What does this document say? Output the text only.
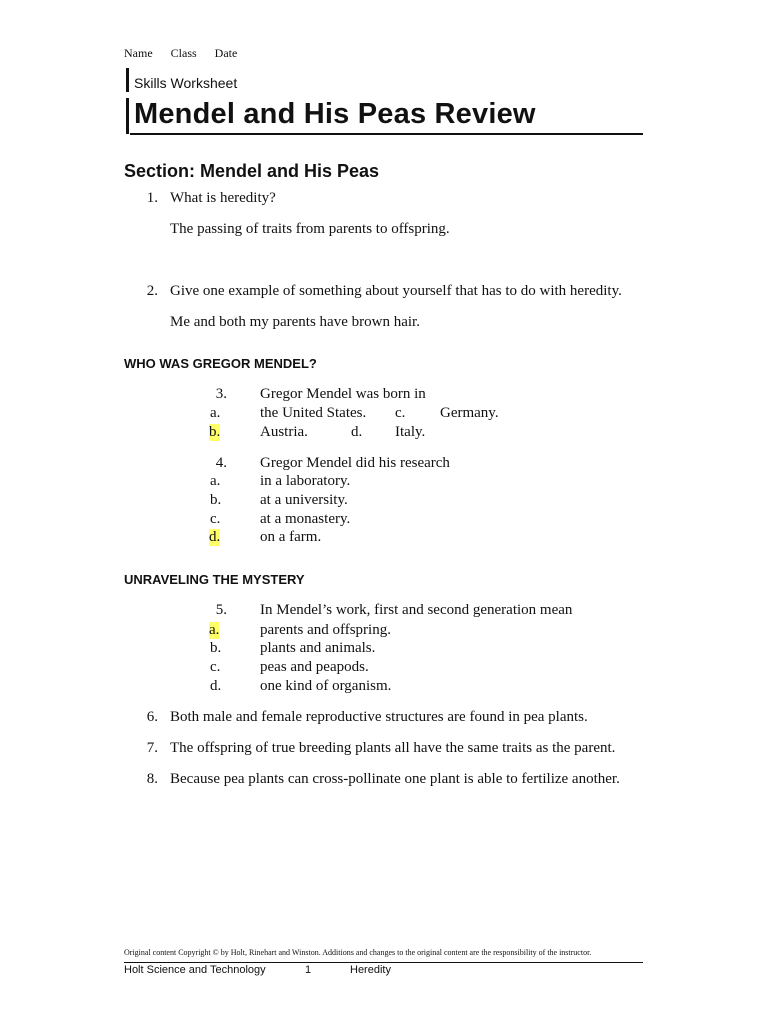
Name Class Date
Skills Worksheet
Mendel and His Peas Review
Section: Mendel and His Peas
1. What is heredity?
The passing of traits from parents to offspring.
2. Give one example of something about yourself that has to do with heredity.
Me and both my parents have brown hair.
WHO WAS GREGOR MENDEL?
3. Gregor Mendel was born in
a.	the United States. c. Germany.
b.	Austria.	d. Italy.
4. Gregor Mendel did his research
a.	in a laboratory.
b.	at a university.
c.	at a monastery.
d.	on a farm.
UNRAVELING THE MYSTERY
5. In Mendel’s work, first and second generation mean
a.	parents and offspring.
b.	plants and animals.
c.	peas and peapods.
d.	one kind of organism.
6. Both male and female reproductive structures are found in pea plants.
7. The offspring of true breeding plants all have the same traits as the parent.
8. Because pea plants can cross-pollinate one plant is able to fertilize another.
Original content Copyright © by Holt, Rinehart and Winston. Additions and changes to the original content are the responsibility of the instructor.
Holt Science and Technology	1	Heredity
